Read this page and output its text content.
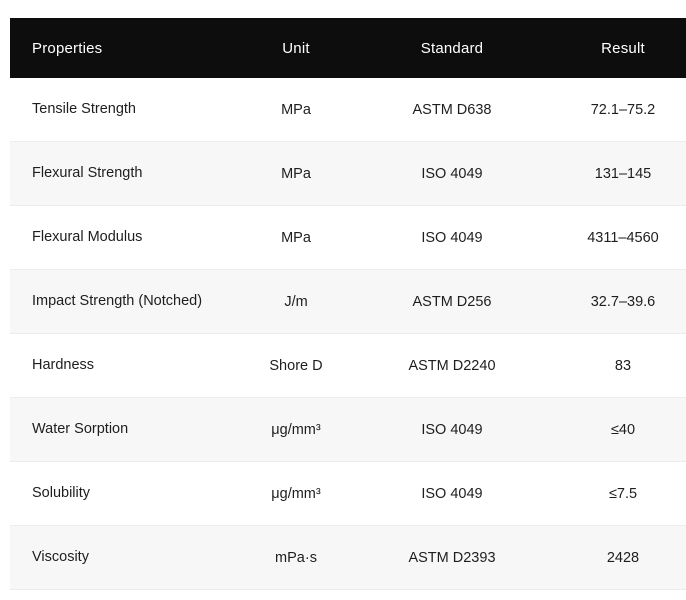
Properties	Unit	Standard	Result
Tensile Strength	MPa	ASTM D638	72.1–75.2
Flexural Strength	MPa	ISO 4049	131–145
Flexural Modulus	MPa	ISO 4049	4311–4560
Impact Strength (Notched)	J/m	ASTM D256	32.7–39.6
Hardness	Shore D	ASTM D2240	83
Water Sorption	μg/mm³	ISO 4049	≤40
Solubility	μg/mm³	ISO 4049	≤7.5
Viscosity	mPa·s	ASTM D2393	2428
